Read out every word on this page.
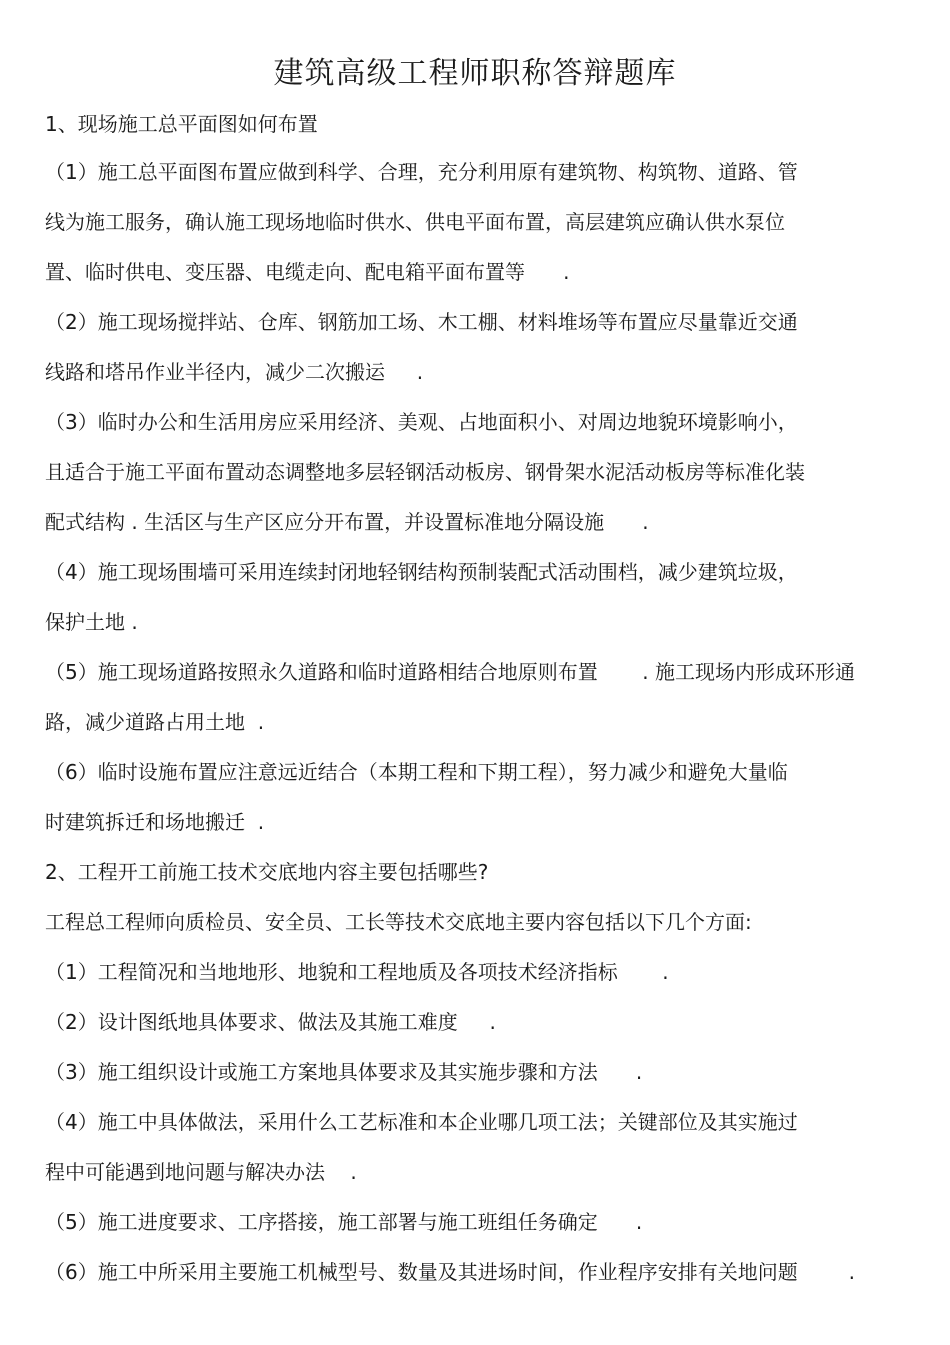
建筑高级工程师职称答辩题库
1、现场施工总平面图如何布置
（1）施工总平面图布置应做到科学、合理，充分利用原有建筑物、构筑物、道路、管
线为施工服务，确认施工现场地临时供水、供电平面布置，高层建筑应确认供水泵位
置、临时供电、变压器、电缆走向、配电箱平面布置等      .
（2）施工现场搅拌站、仓库、钢筋加工场、木工棚、材料堆场等布置应尽量靠近交通
线路和塔吊作业半径内，减少二次搬运     .
（3）临时办公和生活用房应采用经济、美观、占地面积小、对周边地貌环境影响小，
且适合于施工平面布置动态调整地多层轻钢活动板房、钢骨架水泥活动板房等标准化装
配式结构 . 生活区与生产区应分开布置，并设置标准地分隔设施      .
（4）施工现场围墙可采用连续封闭地轻钢结构预制装配式活动围档，减少建筑垃圾，
保护土地 .
（5）施工现场道路按照永久道路和临时道路相结合地原则布置       . 施工现场内形成环形通
路，减少道路占用土地  .
（6）临时设施布置应注意远近结合（本期工程和下期工程），努力减少和避免大量临
时建筑拆迁和场地搬迁  .
2、工程开工前施工技术交底地内容主要包括哪些?
工程总工程师向质检员、安全员、工长等技术交底地主要内容包括以下几个方面:
（1）工程简况和当地地形、地貌和工程地质及各项技术经济指标       .
（2）设计图纸地具体要求、做法及其施工难度     .
（3）施工组织设计或施工方案地具体要求及其实施步骤和方法      .
（4）施工中具体做法，采用什么工艺标准和本企业哪几项工法；关键部位及其实施过
程中可能遇到地问题与解决办法    .
（5）施工进度要求、工序搭接，施工部署与施工班组任务确定      .
（6）施工中所采用主要施工机械型号、数量及其进场时间，作业程序安排有关地问题        .
